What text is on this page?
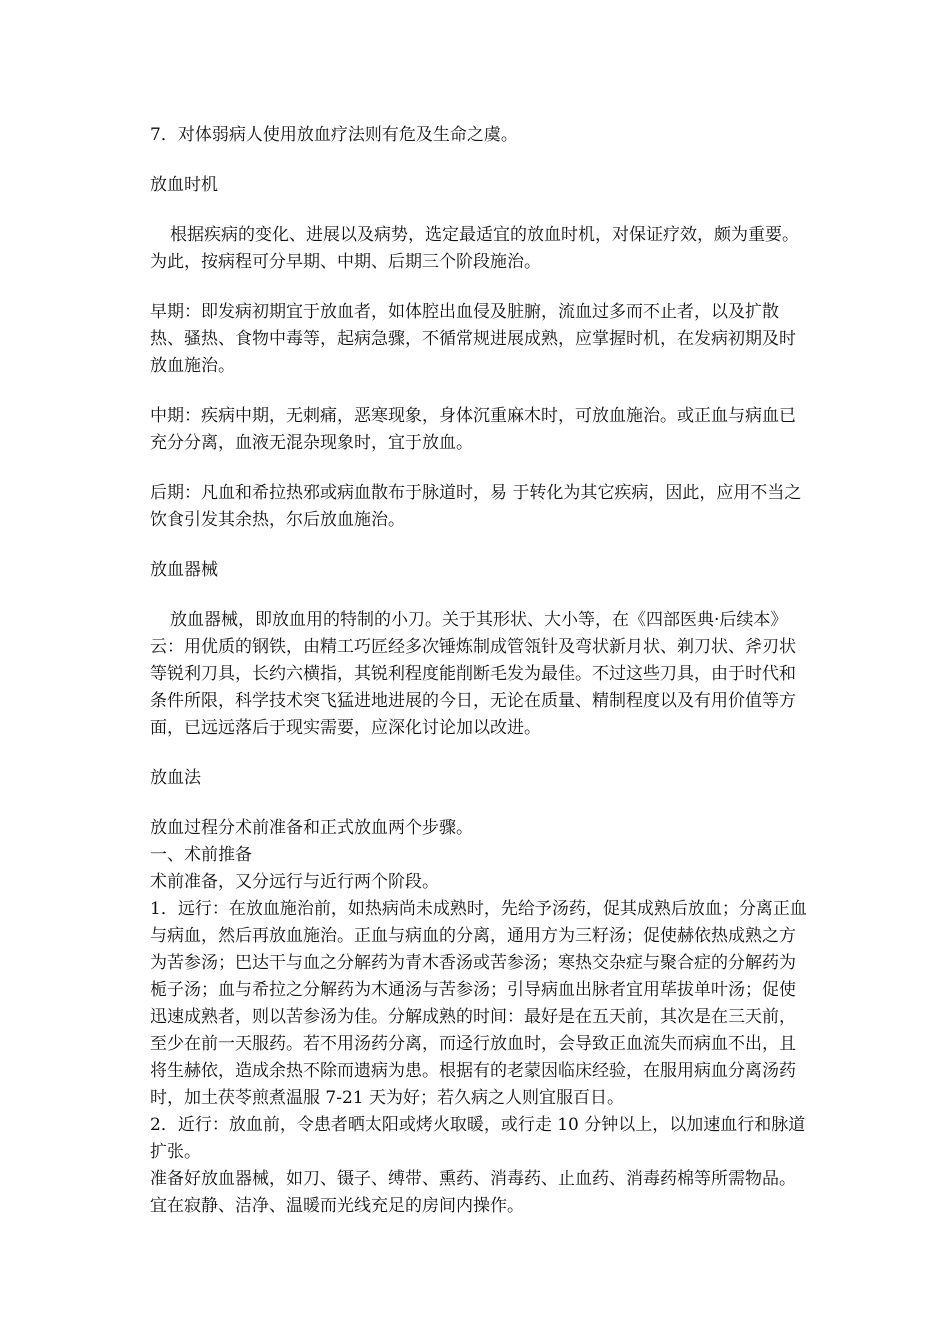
7．对体弱病人使用放血疗法则有危及生命之虞。

放血时机

根据疾病的变化、进展以及病势，选定最适宜的放血时机，对保证疗效，颇为重要。为此，按病程可分早期、中期、后期三个阶段施治。

早期：即发病初期宜于放血者，如体腔出血侵及脏腑，流血过多而不止者，以及扩散热、骚热、食物中毒等，起病急骤，不循常规进展成熟，应掌握时机，在发病初期及时放血施治。

中期：疾病中期，无刺痛，恶寒现象，身体沉重麻木时，可放血施治。或正血与病血已充分分离，血液无混杂现象时，宜于放血。

后期：凡血和希拉热邪或病血散布于脉道时，易 于转化为其它疾病，因此，应用不当之饮食引发其余热，尔后放血施治。

放血器械

放血器械，即放血用的特制的小刀。关于其形状、大小等，在《四部医典·后续本》云：用优质的钢铁，由精工巧匠经多次锤炼制成管瓴针及弯状新月状、剃刀状、斧刃状等锐利刀具，长约六横指，其锐利程度能削断毛发为最佳。不过这些刀具，由于时代和条件所限，科学技术突飞猛进地进展的今日，无论在质量、精制程度以及有用价值等方面，已远远落后于现实需要，应深化讨论加以改进。

放血法

放血过程分术前准备和正式放血两个步骤。

一、术前推备

术前准备，又分远行与近行两个阶段。

1．远行：在放血施治前，如热病尚未成熟时，先给予汤药，促其成熟后放血；分离正血与病血，然后再放血施治。正血与病血的分离，通用方为三籽汤；促使赫依热成熟之方为苦参汤；巴达干与血之分解药为青木香汤或苦参汤；寒热交杂症与聚合症的分解药为栀子汤；血与希拉之分解药为木通汤与苦参汤；引导病血出脉者宜用荜拔单叶汤；促使迅速成熟者，则以苦参汤为佳。分解成熟的时间：最好是在五天前，其次是在三天前，至少在前一天服药。若不用汤药分离，而迳行放血时，会导致正血流失而病血不出，且将生赫依，造成余热不除而遗病为患。根据有的老蒙因临床经验，在服用病血分离汤药时，加土茯苓煎煮温服 7-21 天为好；若久病之人则宜服百日。

2．近行：放血前，令患者晒太阳或烤火取暖，或行走 10 分钟以上，以加速血行和脉道扩张。

准备好放血器械，如刀、镊子、缚带、熏药、消毒药、止血药、消毒药棉等所需物品。宜在寂静、洁净、温暖而光线充足的房间内操作。
